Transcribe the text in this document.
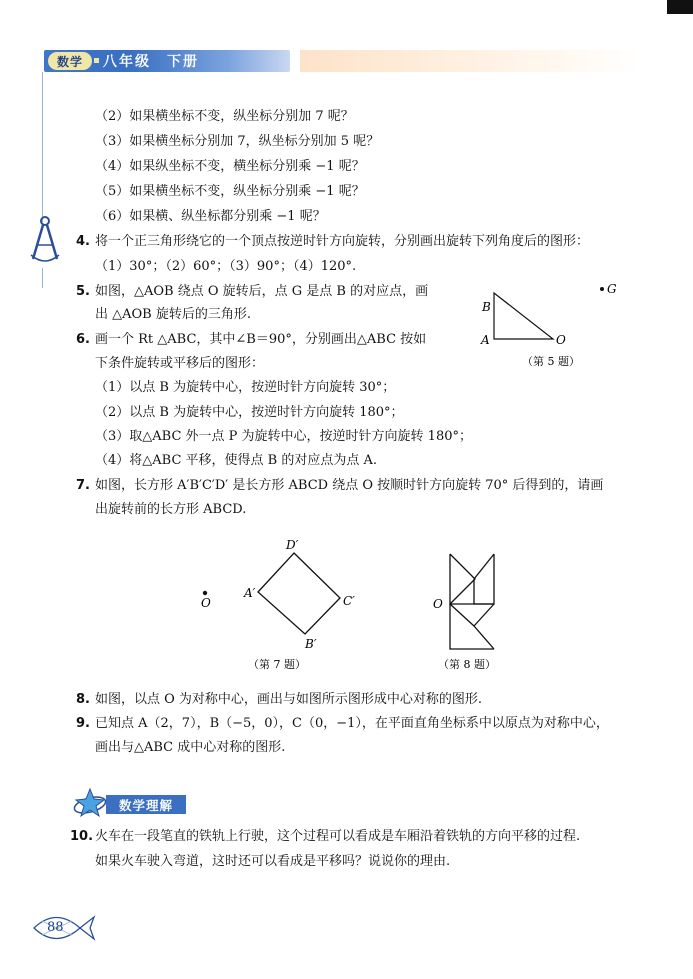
数学	八年级　下册
（2）如果横坐标不变，纵坐标分别加 7 呢？
（3）如果横坐标分别加 7，纵坐标分别加 5 呢？
（4）如果纵坐标不变，横坐标分别乘 −1 呢？
（5）如果横坐标不变，纵坐标分别乘 −1 呢？
（6）如果横、纵坐标都分别乘 −1 呢？
4. 将一个正三角形绕它的一个顶点按逆时针方向旋转，分别画出旋转下列角度后的图形：
（1）30°；（2）60°；（3）90°；（4）120°.
5. 如图，△AOB 绕点 O 旋转后，点 G 是点 B 的对应点，画
出 △AOB 旋转后的三角形.	B
A	O
G
（第 5 题）
6. 画一个 Rt △ABC，其中∠B＝90°，分别画出△ABC 按如
下条件旋转或平移后的图形：
（1）以点 B 为旋转中心，按逆时针方向旋转 30°；
（2）以点 B 为旋转中心，按逆时针方向旋转 180°；
（3）取△ABC 外一点 P 为旋转中心，按逆时针方向旋转 180°；
（4）将△ABC 平移，使得点 B 的对应点为点 A.
7. 如图，长方形 A′B′C′D′ 是长方形 ABCD 绕点 O 按顺时针方向旋转 70° 后得到的，请画
出旋转前的长方形 ABCD.
D′
A′
C′
B′
O
（第 7 题）
O
（第 8 题）
8. 如图，以点 O 为对称中心，画出与如图所示图形成中心对称的图形.
9. 已知点 A（2，7），B（−5，0），C（0，−1），在平面直角坐标系中以原点为对称中心，
画出与△ABC 成中心对称的图形.
数学理解
10. 火车在一段笔直的铁轨上行驶，这个过程可以看成是车厢沿着铁轨的方向平移的过程.
如果火车驶入弯道，这时还可以看成是平移吗？说说你的理由.
88
